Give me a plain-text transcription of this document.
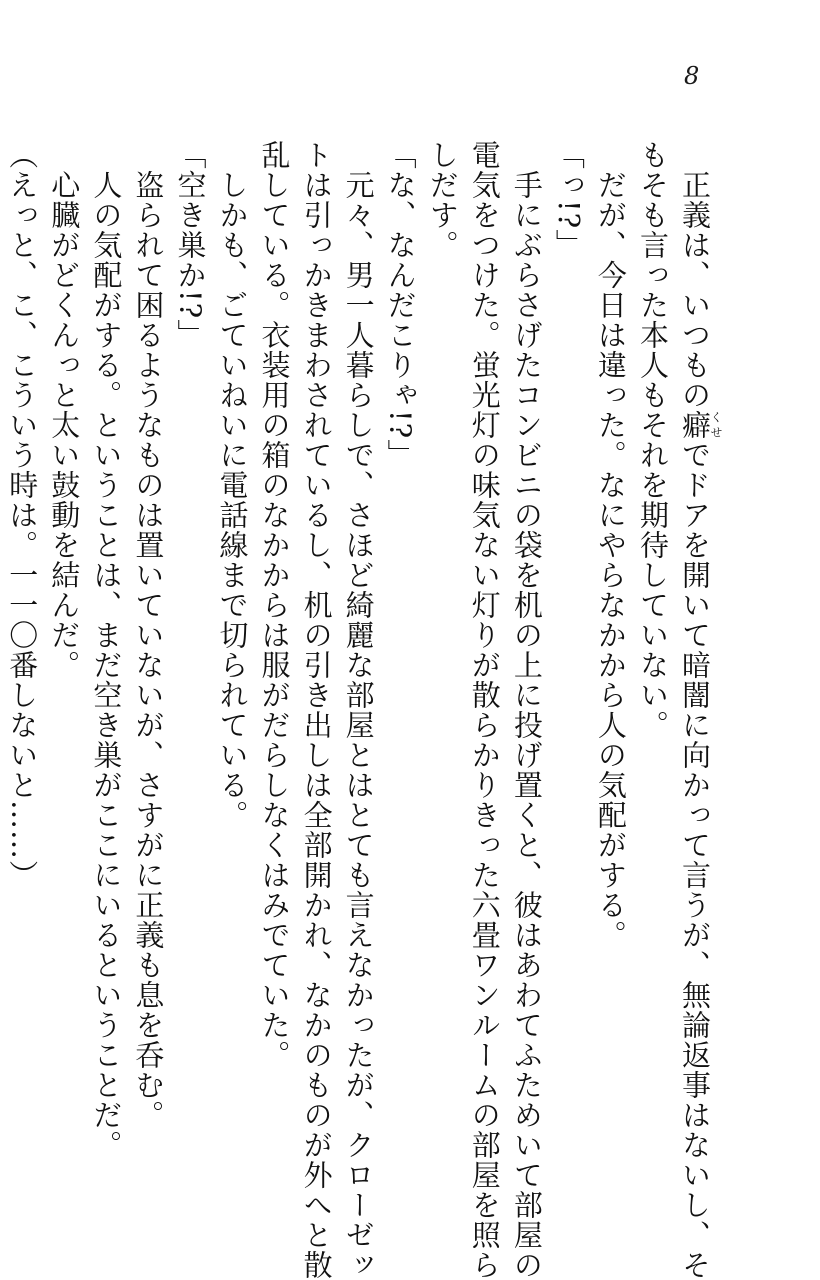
8
　正義は、いつもの癖くせでドアを開いて暗闇に向かって言うが、無論返事はないし、そ
もそも言った本人もそれを期待していない。
　だが、今日は違った。なにやらなかから人の気配がする。
「っ!?」
　手にぶらさげたコンビニの袋を机の上に投げ置くと、彼はあわてふためいて部屋の
電気をつけた。蛍光灯の味気ない灯りが散らかりきった六畳ワンルームの部屋を照ら
しだす。
「な、なんだこりゃ!?」
　元々、男一人暮らしで、さほど綺麗な部屋とはとても言えなかったが、クローゼッ
トは引っかきまわされているし、机の引き出しは全部開かれ、なかのものが外へと散
乱している。衣装用の箱のなかからは服がだらしなくはみでていた。
　しかも、ごていねいに電話線まで切られている。
「空き巣か!?」
　盗られて困るようなものは置いていないが、さすがに正義も息を呑む。
　人の気配がする。ということは、まだ空き巣がここにいるということだ。
　心臓がどくんっと太い鼓動を結んだ。
（えっと、こ、こういう時は。一一〇番しないと……）
